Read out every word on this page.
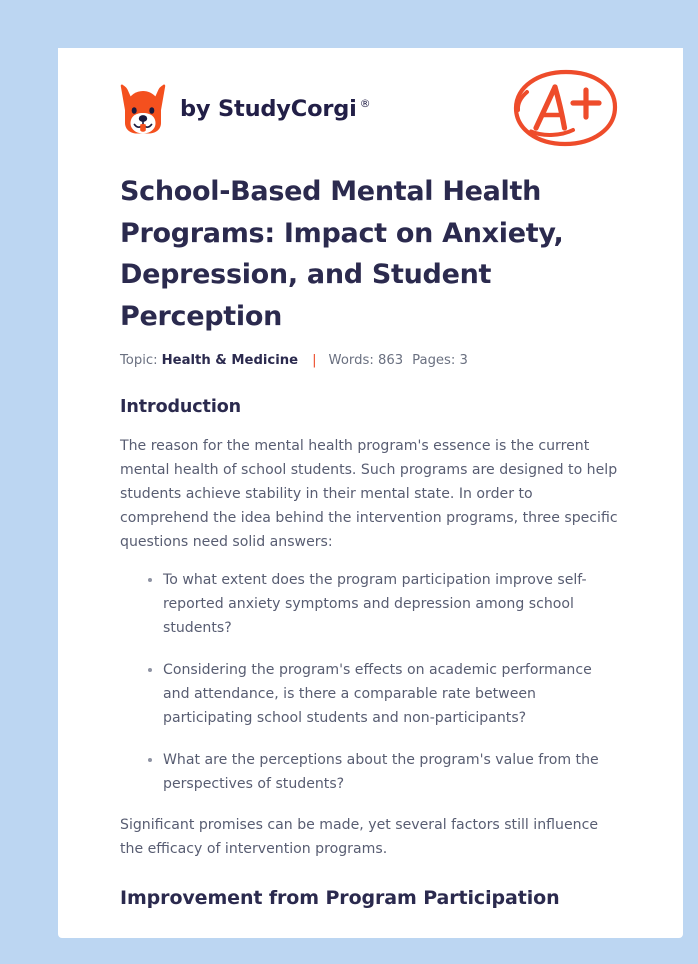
by
StudyCorgi ®
School-Based Mental Health Programs: Impact on Anxiety, Depression, and Student Perception
Topic: Health & Medicine | Words: 863 Pages: 3
Introduction

The reason for the mental health program's essence is the current mental health of school students. Such programs are designed to help students achieve stability in their mental state. In order to comprehend the idea behind the intervention programs, three specific questions need solid answers:

To what extent does the program participation improve self-reported anxiety symptoms and depression among school students?
Considering the program's effects on academic performance and attendance, is there a comparable rate between participating school students and non-participants?
What are the perceptions about the program's value from the perspectives of students?

Significant promises can be made, yet several factors still influence the efficacy of intervention programs.

Improvement from Program Participation
